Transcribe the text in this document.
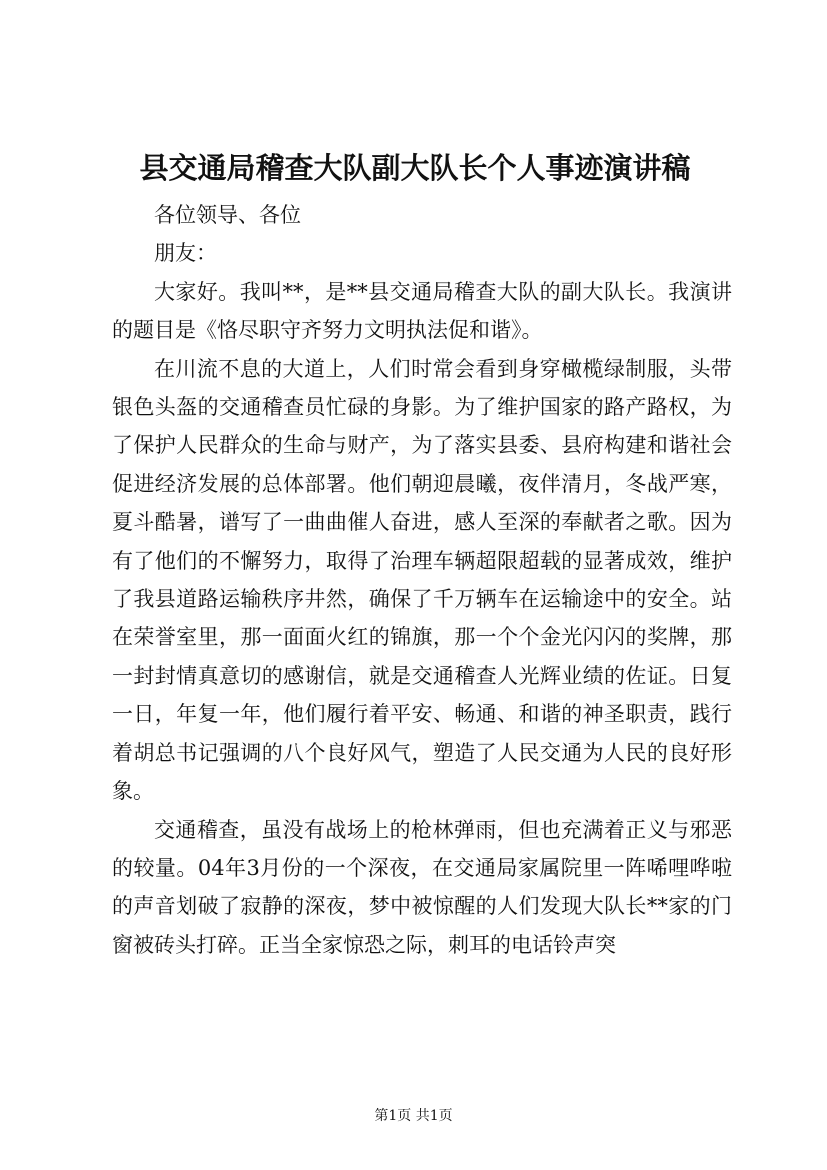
县交通局稽查大队副大队长个人事迹演讲稿

各位领导、各位

朋友：

大家好。我叫**，是**县交通局稽查大队的副大队长。我演讲的题目是《恪尽职守齐努力文明执法促和谐》。

在川流不息的大道上，人们时常会看到身穿橄榄绿制服，头带银色头盔的交通稽查员忙碌的身影。为了维护国家的路产路权，为了保护人民群众的生命与财产，为了落实县委、县府构建和谐社会促进经济发展的总体部署。他们朝迎晨曦，夜伴清月，冬战严寒，夏斗酷暑，谱写了一曲曲催人奋进，感人至深的奉献者之歌。因为有了他们的不懈努力，取得了治理车辆超限超载的显著成效，维护了我县道路运输秩序井然，确保了千万辆车在运输途中的安全。站在荣誉室里，那一面面火红的锦旗，那一个个金光闪闪的奖牌，那一封封情真意切的感谢信，就是交通稽查人光辉业绩的佐证。日复一日，年复一年，他们履行着平安、畅通、和谐的神圣职责，践行着胡总书记强调的八个良好风气，塑造了人民交通为人民的良好形象。

交通稽查，虽没有战场上的枪林弹雨，但也充满着正义与邪恶的较量。04年3月份的一个深夜，在交通局家属院里一阵唏哩哗啦的声音划破了寂静的深夜，梦中被惊醒的人们发现大队长**家的门窗被砖头打碎。正当全家惊恐之际，刺耳的电话铃声突

第1页 共1页
